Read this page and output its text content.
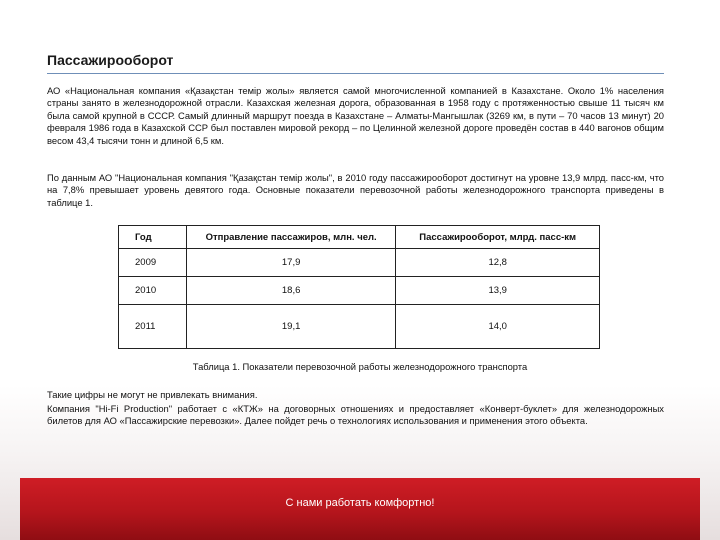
Пассажирооборот

АО «Национальная компания «Қазақстан темір жолы» является самой многочисленной компанией в Казахстане. Около 1% населения страны занято в железнодорожной отрасли. Казахская железная дорога, образованная в 1958 году с протяженностью свыше 11 тысяч км была самой крупной в СССР. Самый длинный маршрут поезда в Казахстане – Алматы-Мангышлак (3269 км, в пути – 70 часов 13 минут) 20 февраля 1986 года в Казахской ССР был поставлен мировой рекорд – по Целинной железной дороге проведён состав в 440 вагонов общим весом 43,4 тысячи тонн и длиной 6,5 км.

По данным АО "Национальная компания "Қазақстан темір жолы", в 2010 году пассажирооборот достигнут на уровне 13,9 млрд. пасс-км, что на 7,8% превышает уровень девятого года. Основные показатели перевозочной работы железнодорожного транспорта приведены в таблице 1.

Год	Отправление пассажиров, млн. чел.	Пассажирооборот, млрд. пасс-км
2009	17,9	12,8
2010	18,6	13,9
2011	19,1	14,0

Таблица 1. Показатели перевозочной работы железнодорожного транспорта

Такие цифры не могут не привлекать внимания.

Компания "Hi-Fi Production" работает с «КТЖ» на договорных отношениях и предоставляет «Конверт-буклет» для железнодорожных билетов для АО «Пассажирские перевозки». Далее пойдет речь о технологиях использования и применения этого объекта.

С нами работать комфортно!
